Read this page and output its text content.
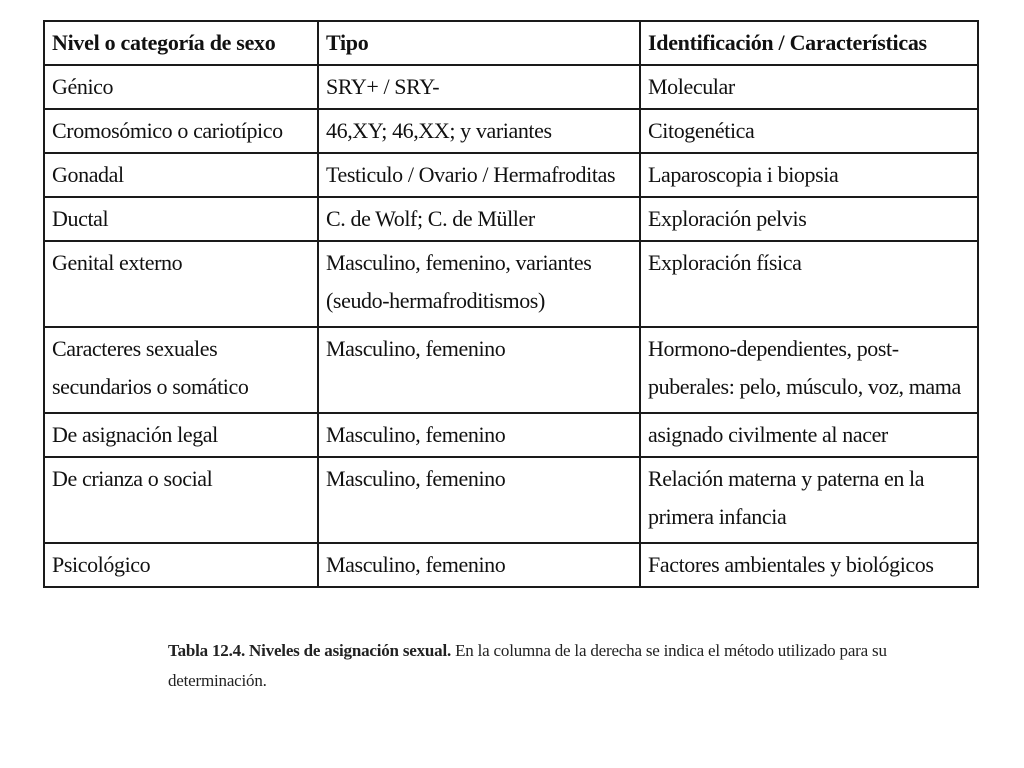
Nivel o categoría de sexo	Tipo	Identificación / Características
Génico	SRY+ / SRY-	Molecular
Cromosómico o cariotípico	46,XY; 46,XX; y variantes	Citogenética
Gonadal	Testiculo / Ovario / Hermafroditas	Laparoscopia i biopsia
Ductal	C. de Wolf; C. de Müller	Exploración pelvis
Genital externo	Masculino, femenino, variantes (seudo-hermafroditismos)	Exploración física
Caracteres sexuales secundarios o somático	Masculino, femenino	Hormono-dependientes, post-puberales: pelo, músculo, voz, mama
De asignación legal	Masculino, femenino	asignado civilmente al nacer
De crianza o social	Masculino, femenino	Relación materna y paterna en la primera infancia
Psicológico	Masculino, femenino	Factores ambientales y biológicos
Tabla 12.4. Niveles de asignación sexual. En la columna de la derecha se indica el método utilizado para su determinación.
